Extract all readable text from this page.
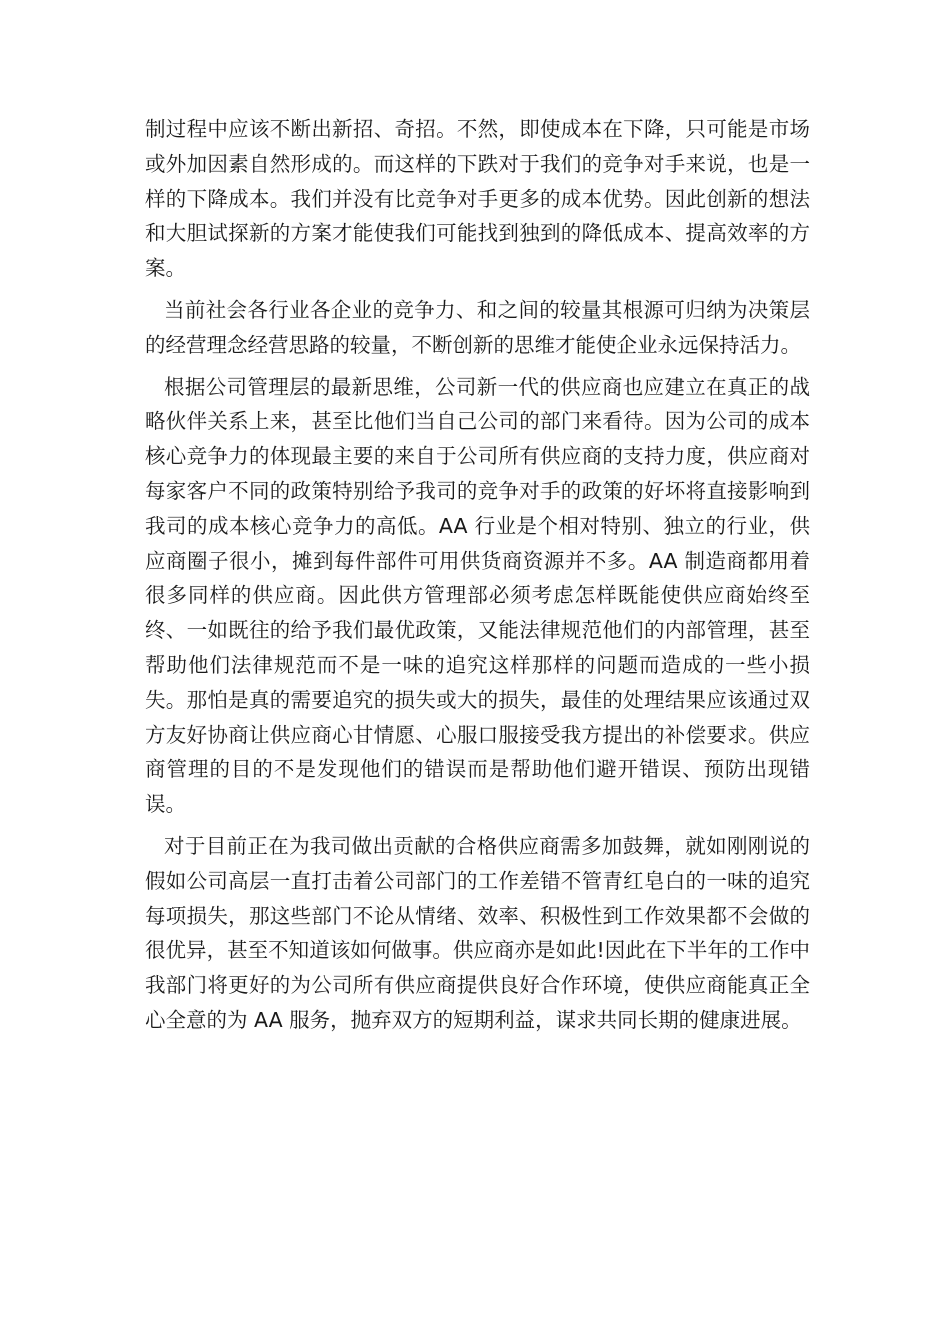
制过程中应该不断出新招、奇招。不然，即使成本在下降，只可能是市场或外加因素自然形成的。而这样的下跌对于我们的竞争对手来说，也是一样的下降成本。我们并没有比竞争对手更多的成本优势。因此创新的想法和大胆试探新的方案才能使我们可能找到独到的降低成本、提高效率的方案。

当前社会各行业各企业的竞争力、和之间的较量其根源可归纳为决策层的经营理念经营思路的较量，不断创新的思维才能使企业永远保持活力。

根据公司管理层的最新思维，公司新一代的供应商也应建立在真正的战略伙伴关系上来，甚至比他们当自己公司的部门来看待。因为公司的成本核心竞争力的体现最主要的来自于公司所有供应商的支持力度，供应商对每家客户不同的政策特别给予我司的竞争对手的政策的好坏将直接影响到我司的成本核心竞争力的高低。AA 行业是个相对特别、独立的行业，供应商圈子很小，摊到每件部件可用供货商资源并不多。AA 制造商都用着很多同样的供应商。因此供方管理部必须考虑怎样既能使供应商始终至终、一如既往的给予我们最优政策，又能法律规范他们的内部管理，甚至帮助他们法律规范而不是一味的追究这样那样的问题而造成的一些小损失。那怕是真的需要追究的损失或大的损失，最佳的处理结果应该通过双方友好协商让供应商心甘情愿、心服口服接受我方提出的补偿要求。供应商管理的目的不是发现他们的错误而是帮助他们避开错误、预防出现错误。

对于目前正在为我司做出贡献的合格供应商需多加鼓舞，就如刚刚说的假如公司高层一直打击着公司部门的工作差错不管青红皂白的一味的追究每项损失，那这些部门不论从情绪、效率、积极性到工作效果都不会做的很优异，甚至不知道该如何做事。供应商亦是如此!因此在下半年的工作中我部门将更好的为公司所有供应商提供良好合作环境，使供应商能真正全心全意的为 AA 服务，抛弃双方的短期利益，谋求共同长期的健康进展。
